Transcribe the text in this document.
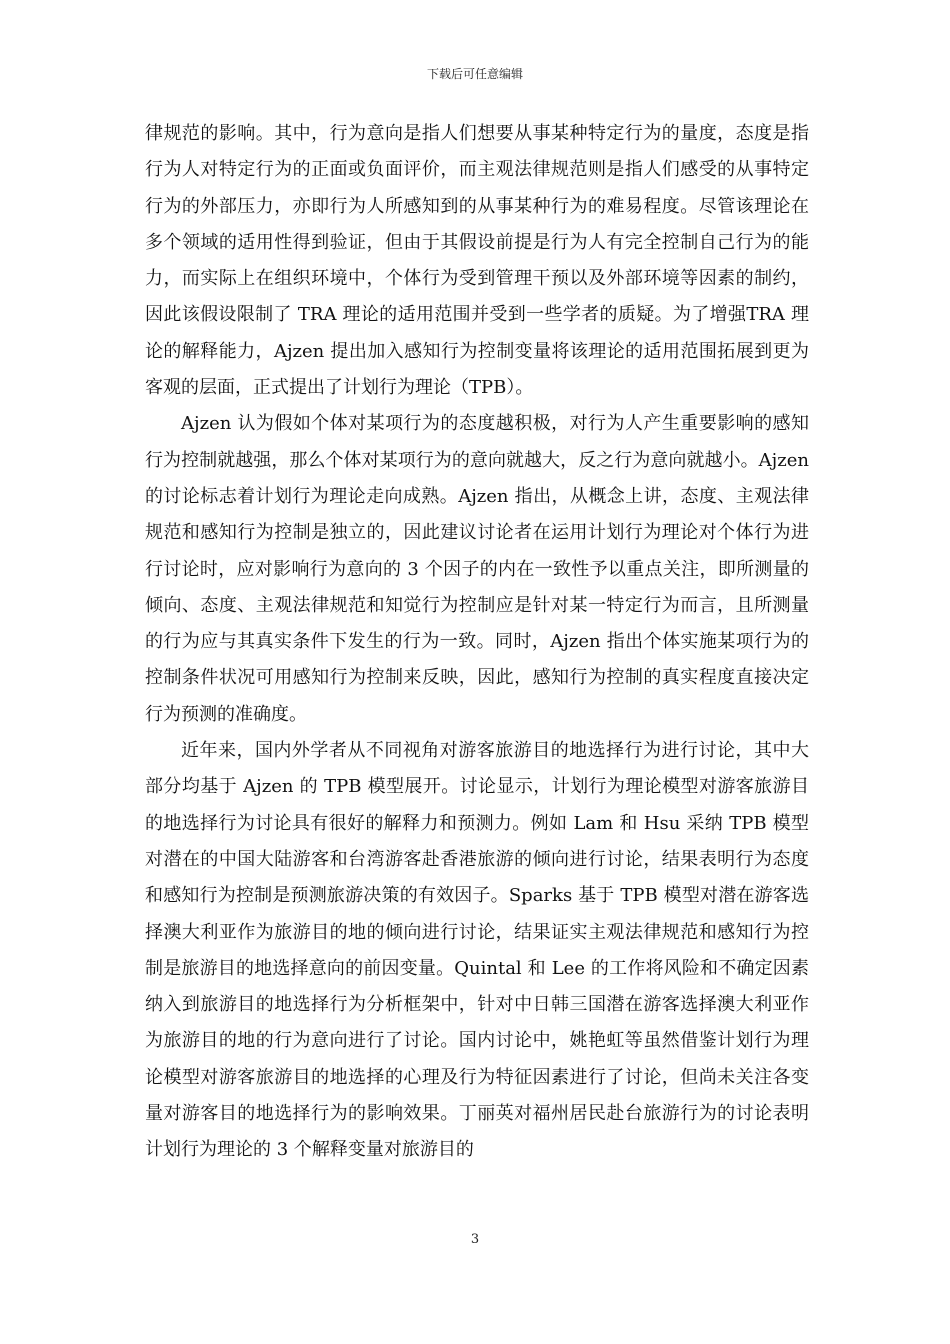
下载后可任意编辑

律规范的影响。其中，行为意向是指人们想要从事某种特定行为的量度，态度是指行为人对特定行为的正面或负面评价，而主观法律规范则是指人们感受的从事特定行为的外部压力，亦即行为人所感知到的从事某种行为的难易程度。尽管该理论在多个领域的适用性得到验证，但由于其假设前提是行为人有完全控制自己行为的能力，而实际上在组织环境中，个体行为受到管理干预以及外部环境等因素的制约，因此该假设限制了 TRA 理论的适用范围并受到一些学者的质疑。为了增强TRA 理论的解释能力，Ajzen 提出加入感知行为控制变量将该理论的适用范围拓展到更为客观的层面，正式提出了计划行为理论（TPB）。

Ajzen 认为假如个体对某项行为的态度越积极，对行为人产生重要影响的感知行为控制就越强，那么个体对某项行为的意向就越大，反之行为意向就越小。Ajzen 的讨论标志着计划行为理论走向成熟。Ajzen 指出，从概念上讲，态度、主观法律规范和感知行为控制是独立的，因此建议讨论者在运用计划行为理论对个体行为进行讨论时，应对影响行为意向的 3 个因子的内在一致性予以重点关注，即所测量的倾向、态度、主观法律规范和知觉行为控制应是针对某一特定行为而言，且所测量的行为应与其真实条件下发生的行为一致。同时，Ajzen 指出个体实施某项行为的控制条件状况可用感知行为控制来反映，因此，感知行为控制的真实程度直接决定行为预测的准确度。

近年来，国内外学者从不同视角对游客旅游目的地选择行为进行讨论，其中大部分均基于 Ajzen 的 TPB 模型展开。讨论显示，计划行为理论模型对游客旅游目的地选择行为讨论具有很好的解释力和预测力。例如 Lam 和 Hsu 采纳 TPB 模型对潜在的中国大陆游客和台湾游客赴香港旅游的倾向进行讨论，结果表明行为态度和感知行为控制是预测旅游决策的有效因子。Sparks 基于 TPB 模型对潜在游客选择澳大利亚作为旅游目的地的倾向进行讨论，结果证实主观法律规范和感知行为控制是旅游目的地选择意向的前因变量。Quintal 和 Lee 的工作将风险和不确定因素纳入到旅游目的地选择行为分析框架中，针对中日韩三国潜在游客选择澳大利亚作为旅游目的地的行为意向进行了讨论。国内讨论中，姚艳虹等虽然借鉴计划行为理论模型对游客旅游目的地选择的心理及行为特征因素进行了讨论，但尚未关注各变量对游客目的地选择行为的影响效果。丁丽英对福州居民赴台旅游行为的讨论表明计划行为理论的 3 个解释变量对旅游目的

3
